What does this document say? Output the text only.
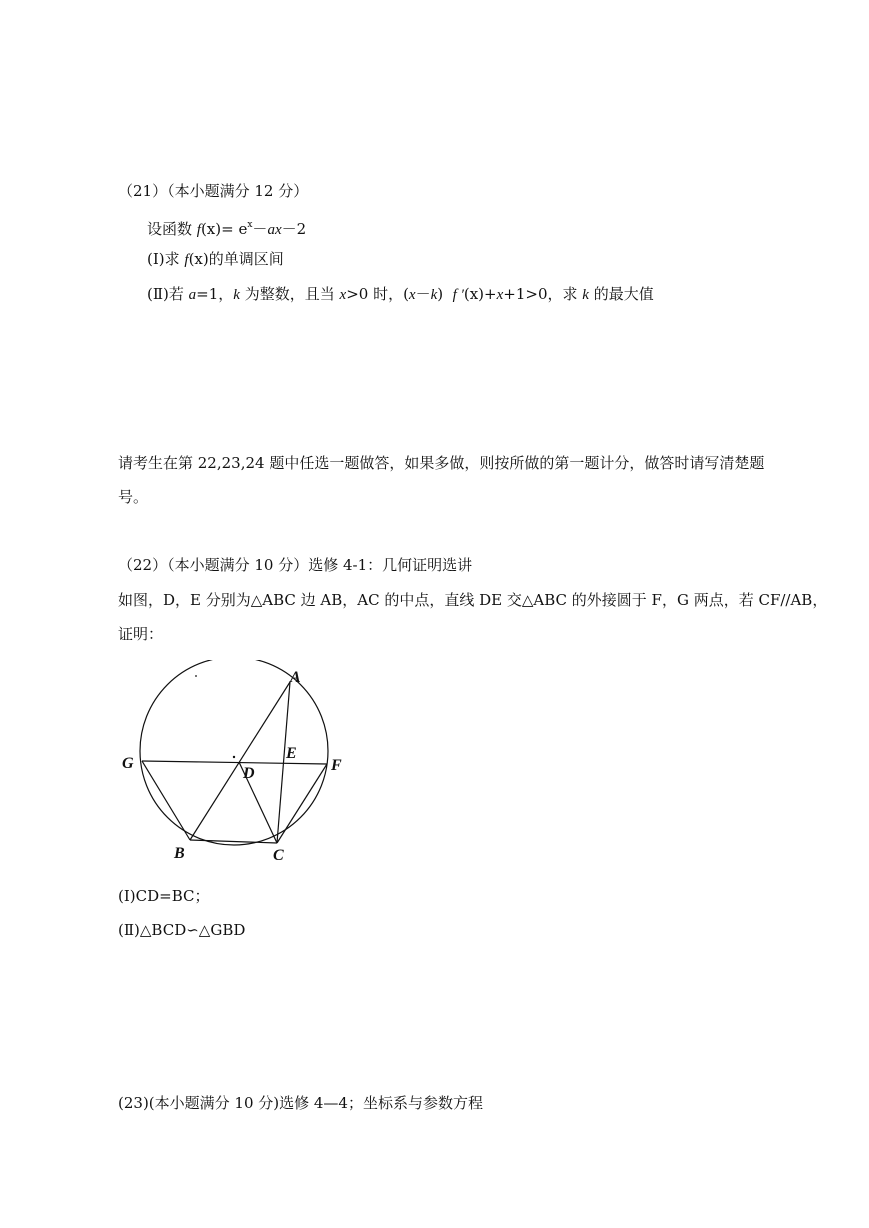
（21）（本小题满分 12 分）
设函数 $f(x)= e^x-ax-2$
(Ⅰ)求 f(x)的单调区间
(Ⅱ)若 a=1，k 为整数，且当 x>0 时，(x－k)  f ′(x)+x+1>0，求 k 的最大值
请考生在第 22,23,24 题中任选一题做答，如果多做，则按所做的第一题计分，做答时请写清楚题
号。
（22）（本小题满分 10 分）选修 4-1：几何证明选讲
如图，D，E 分别为△ABC 边 AB，AC 的中点，直线 DE 交△ABC 的外接圆于 F，G 两点，若 CF//AB，
证明：
A
B	C
D
E
F
G
(Ⅰ)CD=BC；
(Ⅱ)△BCD∽△GBD
(23)(本小题满分 10 分)选修 4—4；坐标系与参数方程
